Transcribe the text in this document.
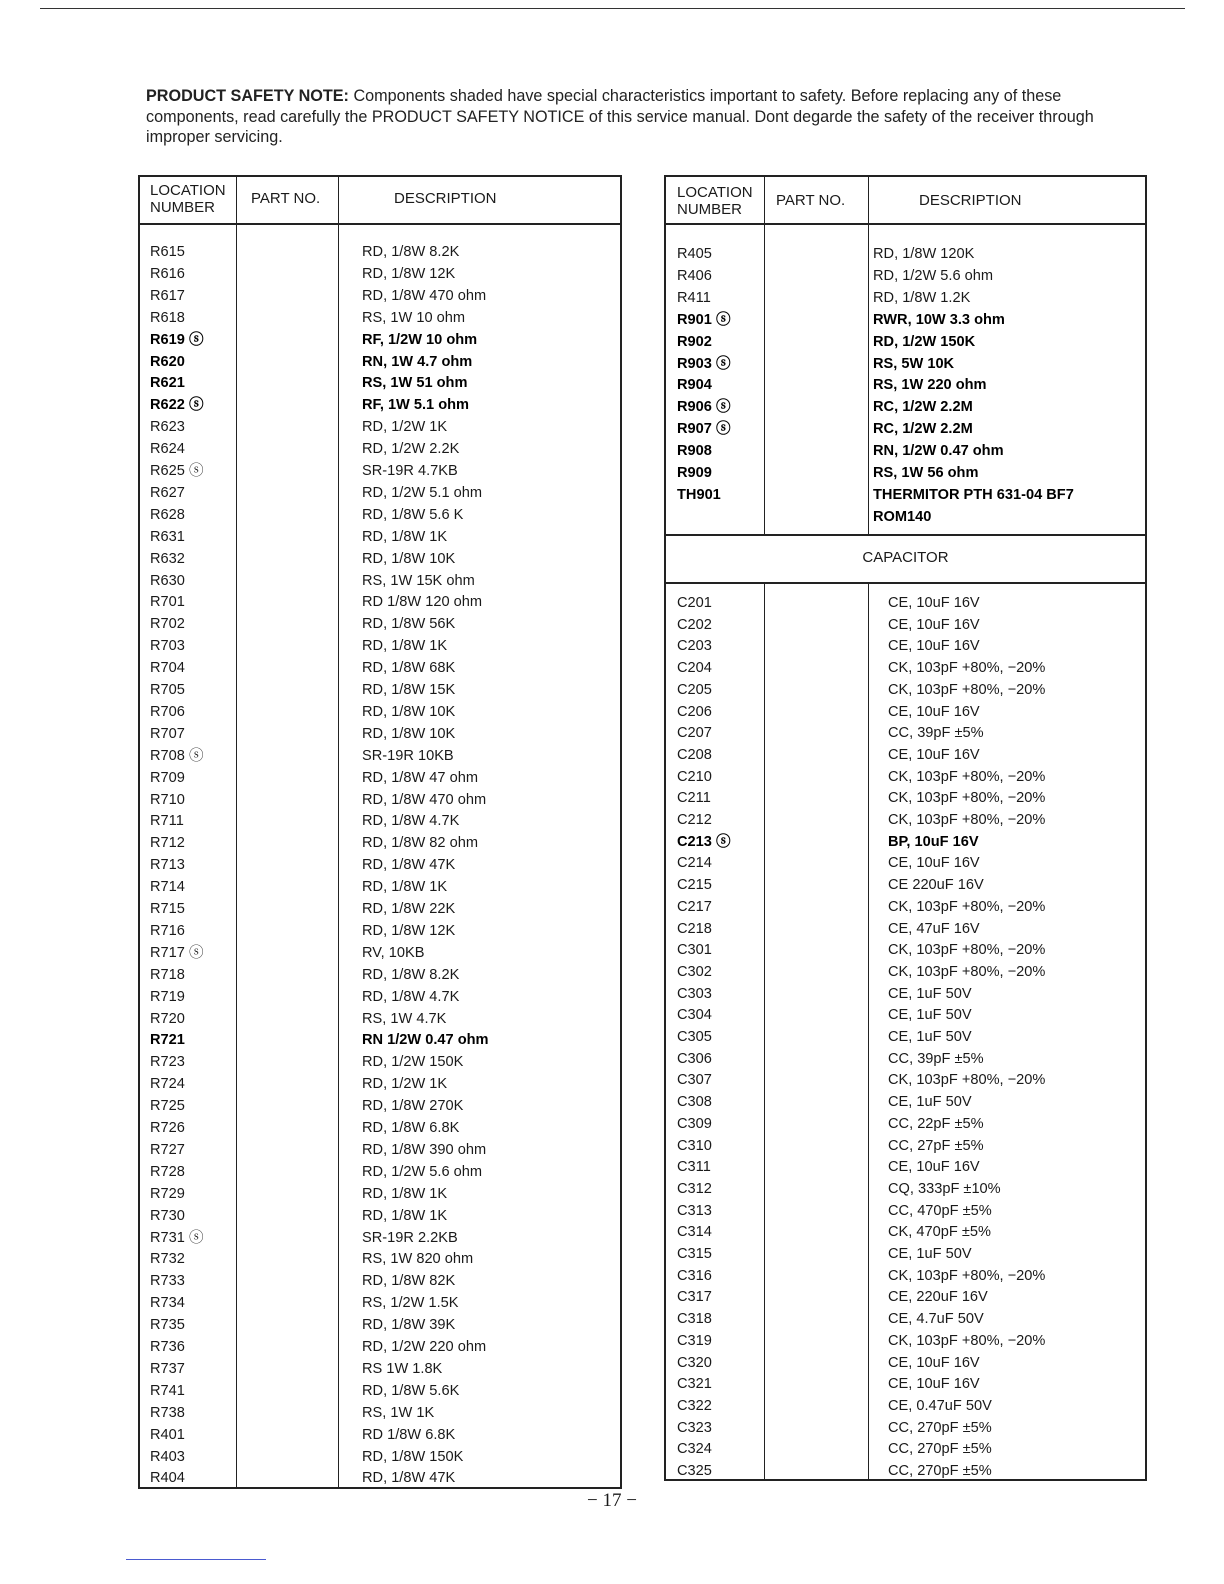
PRODUCT SAFETY NOTE: Components shaded have special characteristics important to safety. Before replacing any of these components, read carefully the PRODUCT SAFETY NOTICE of this service manual. Dont degarde the safety of the receiver through improper servicing.
LOCATION
NUMBER
PART NO.	DESCRIPTION
R615	RD, 1/8W 8.2K
R616	RD, 1/8W 12K
R617	RD, 1/8W 470 ohm
R618	RS, 1W 10 ohm
R619 ⓢ	RF, 1/2W 10 ohm
R620	RN, 1W 4.7 ohm
R621	RS, 1W 51 ohm
R622 ⓢ	RF, 1W 5.1 ohm
R623	RD, 1/2W 1K
R624	RD, 1/2W 2.2K
R625 ⓢ	SR-19R 4.7KB
R627	RD, 1/2W 5.1 ohm
R628	RD, 1/8W 5.6 K
R631	RD, 1/8W 1K
R632	RD, 1/8W 10K
R630	RS, 1W 15K ohm
R701	RD 1/8W 120 ohm
R702	RD, 1/8W 56K
R703	RD, 1/8W 1K
R704	RD, 1/8W 68K
R705	RD, 1/8W 15K
R706	RD, 1/8W 10K
R707	RD, 1/8W 10K
R708 ⓢ	SR-19R 10KB
R709	RD, 1/8W 47 ohm
R710	RD, 1/8W 470 ohm
R711	RD, 1/8W 4.7K
R712	RD, 1/8W 82 ohm
R713	RD, 1/8W 47K
R714	RD, 1/8W 1K
R715	RD, 1/8W 22K
R716	RD, 1/8W 12K
R717 ⓢ	RV, 10KB
R718	RD, 1/8W 8.2K
R719	RD, 1/8W 4.7K
R720	RS, 1W 4.7K
R721	RN 1/2W 0.47 ohm
R723	RD, 1/2W 150K
R724	RD, 1/2W 1K
R725	RD, 1/8W 270K
R726	RD, 1/8W 6.8K
R727	RD, 1/8W 390 ohm
R728	RD, 1/2W 5.6 ohm
R729	RD, 1/8W 1K
R730	RD, 1/8W 1K
R731 ⓢ	SR-19R 2.2KB
R732	RS, 1W 820 ohm
R733	RD, 1/8W 82K
R734	RS, 1/2W 1.5K
R735	RD, 1/8W 39K
R736	RD, 1/2W 220 ohm
R737	RS 1W 1.8K
R741	RD, 1/8W 5.6K
R738	RS, 1W 1K
R401	RD 1/8W 6.8K
R403	RD, 1/8W 150K
R404	RD, 1/8W 47K
LOCATION
NUMBER
PART NO.	DESCRIPTION
CAPACITOR
R405	RD, 1/8W 120K
R406	RD, 1/2W 5.6 ohm
R411	RD, 1/8W 1.2K
R901 ⓢ	RWR, 10W 3.3 ohm
R902	RD, 1/2W 150K
R903 ⓢ	RS, 5W 10K
R904	RS, 1W 220 ohm
R906 ⓢ	RC, 1/2W 2.2M
R907 ⓢ	RC, 1/2W 2.2M
R908	RN, 1/2W 0.47 ohm
R909	RS, 1W 56 ohm
TH901	THERMITOR PTH 631-04 BF7
ROM140
C201	CE, 10uF 16V
C202	CE, 10uF 16V
C203	CE, 10uF 16V
C204	CK, 103pF +80%, −20%
C205	CK, 103pF +80%, −20%
C206	CE, 10uF 16V
C207	CC, 39pF ±5%
C208	CE, 10uF 16V
C210	CK, 103pF +80%, −20%
C211	CK, 103pF +80%, −20%
C212	CK, 103pF +80%, −20%
C213 ⓢ	BP, 10uF 16V
C214	CE, 10uF 16V
C215	CE 220uF 16V
C217	CK, 103pF +80%, −20%
C218	CE, 47uF 16V
C301	CK, 103pF +80%, −20%
C302	CK, 103pF +80%, −20%
C303	CE, 1uF 50V
C304	CE, 1uF 50V
C305	CE, 1uF 50V
C306	CC, 39pF ±5%
C307	CK, 103pF +80%, −20%
C308	CE, 1uF 50V
C309	CC, 22pF ±5%
C310	CC, 27pF ±5%
C311	CE, 10uF 16V
C312	CQ, 333pF ±10%
C313	CC, 470pF ±5%
C314	CK, 470pF ±5%
C315	CE, 1uF 50V
C316	CK, 103pF +80%, −20%
C317	CE, 220uF 16V
C318	CE, 4.7uF 50V
C319	CK, 103pF +80%, −20%
C320	CE, 10uF 16V
C321	CE, 10uF 16V
C322	CE, 0.47uF 50V
C323	CC, 270pF ±5%
C324	CC, 270pF ±5%
C325	CC, 270pF ±5%
− 17 −
